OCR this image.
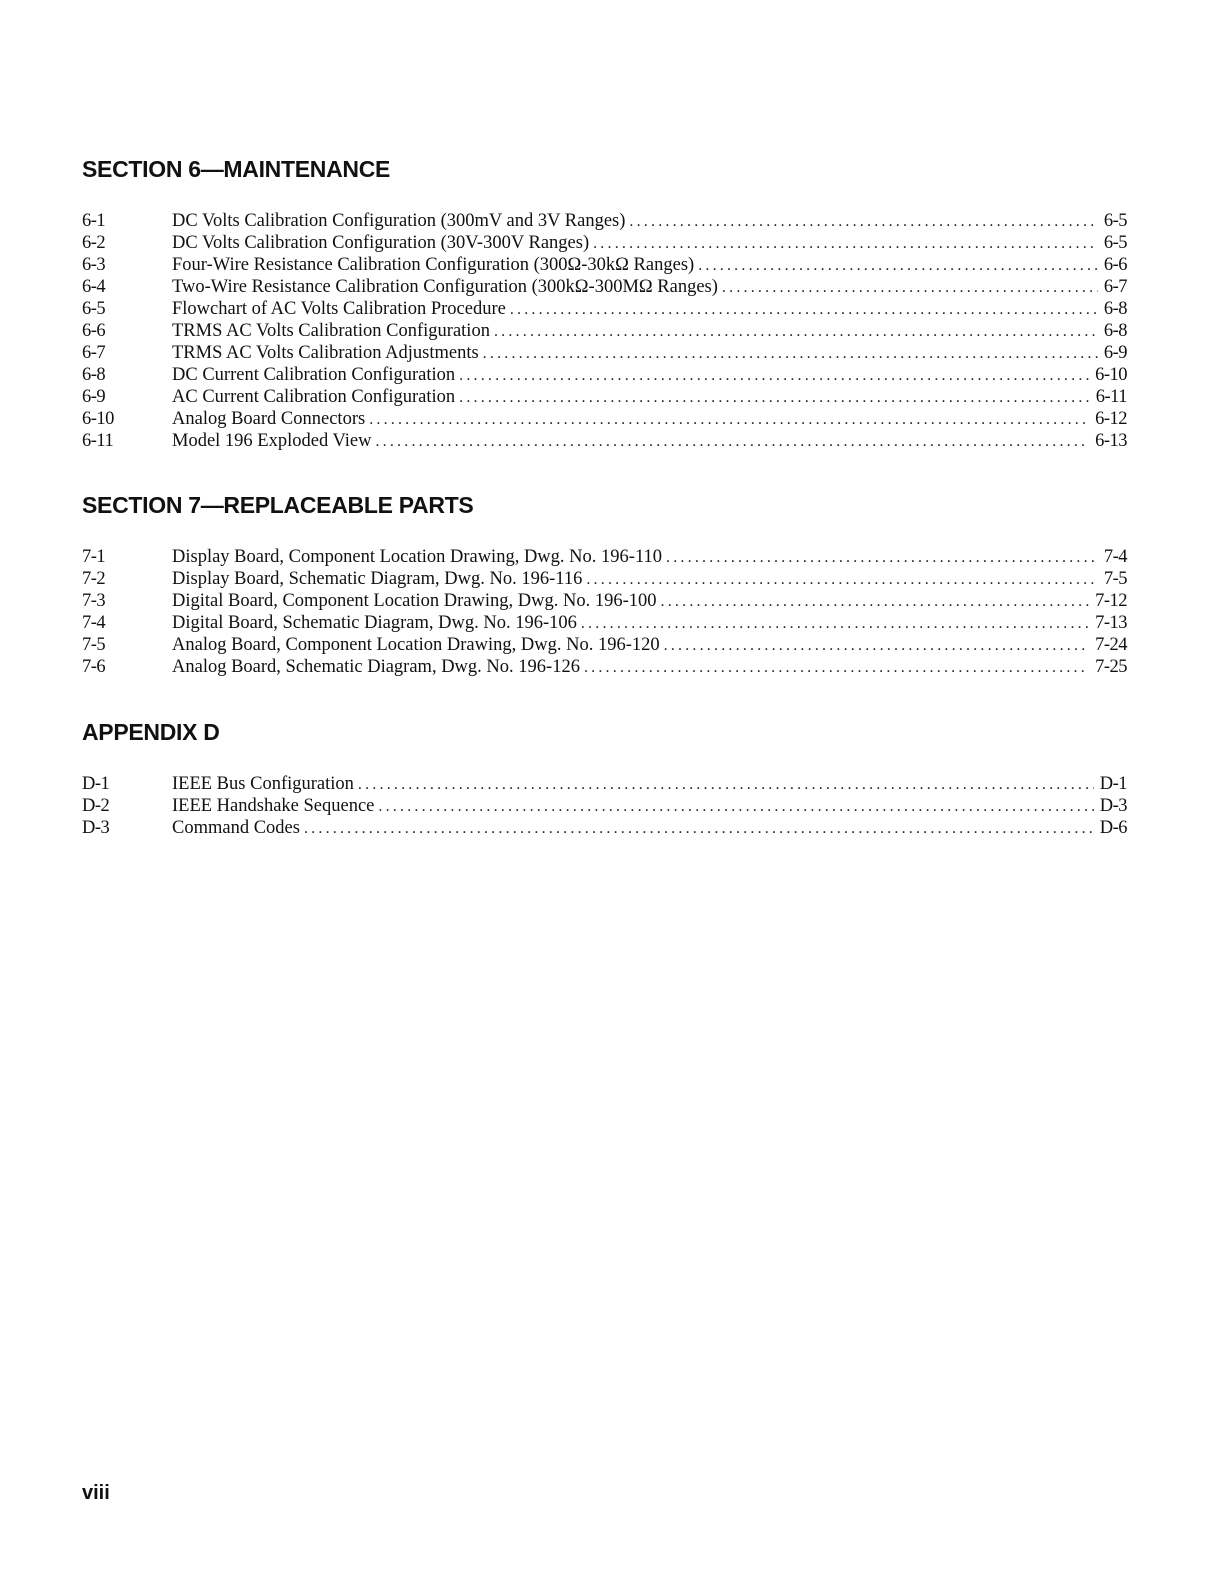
SECTION 6—MAINTENANCE
6-1	DC Volts Calibration Configuration (300mV and 3V Ranges) .....	6-5
6-2	DC Volts Calibration Configuration (30V-300V Ranges) .....	6-5
6-3	Four-Wire Resistance Calibration Configuration (300Ω-30kΩ Ranges) .....	6-6
6-4	Two-Wire Resistance Calibration Configuration (300kΩ-300MΩ Ranges) .....	6-7
6-5	Flowchart of AC Volts Calibration Procedure .....	6-8
6-6	TRMS AC Volts Calibration Configuration .....	6-8
6-7	TRMS AC Volts Calibration Adjustments .....	6-9
6-8	DC Current Calibration Configuration .....	6-10
6-9	AC Current Calibration Configuration .....	6-11
6-10	Analog Board Connectors .....	6-12
6-11	Model 196 Exploded View .....	6-13
SECTION 7—REPLACEABLE PARTS
7-1	Display Board, Component Location Drawing, Dwg. No. 196-110 .....	7-4
7-2	Display Board, Schematic Diagram, Dwg. No. 196-116 .....	7-5
7-3	Digital Board, Component Location Drawing, Dwg. No. 196-100 .....	7-12
7-4	Digital Board, Schematic Diagram, Dwg. No. 196-106 .....	7-13
7-5	Analog Board, Component Location Drawing, Dwg. No. 196-120 .....	7-24
7-6	Analog Board, Schematic Diagram, Dwg. No. 196-126 .....	7-25
APPENDIX D
D-1	IEEE Bus Configuration .....	D-1
D-2	IEEE Handshake Sequence .....	D-3
D-3	Command Codes .....	D-6
viii
